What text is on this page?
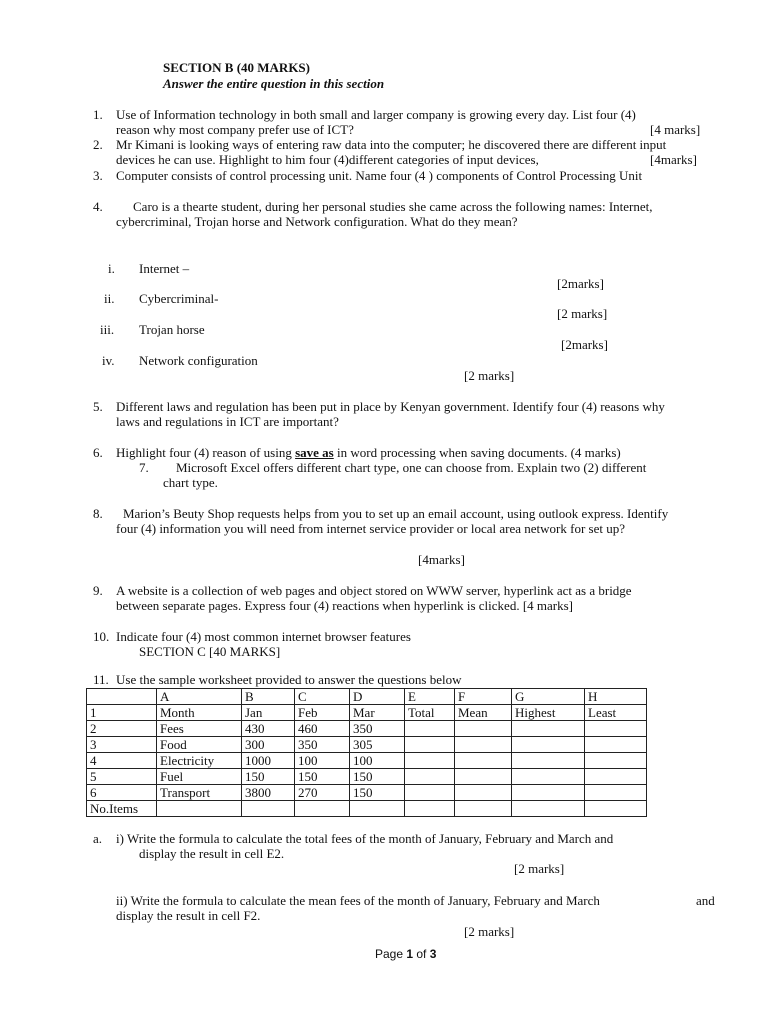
SECTION B (40 MARKS)
Answer the entire question in this section
1. Use of Information technology in both small and larger company is growing every day. List four (4)
reason why most company prefer use of ICT?	[4 marks]
2. Mr Kimani is looking ways of entering raw data into the computer; he discovered there are different input
devices he can use. Highlight to him four (4)different categories of input devices,	[4marks]
3. Computer consists of control processing unit. Name four (4 ) components of Control Processing Unit
4. Caro is a thearte student, during her personal studies she came across the following names: Internet,
cybercriminal, Trojan horse and Network configuration. What do they mean?
i. Internet –
[2marks]
ii. Cybercriminal-
[2 marks]
iii. Trojan horse
[2marks]
iv. Network configuration
[2 marks]
5. Different laws and regulation has been put in place by Kenyan government. Identify four (4) reasons why
laws and regulations in ICT are important?
6. Highlight four (4) reason of using save as in word processing when saving documents. (4 marks)
7. Microsoft Excel offers different chart type, one can choose from. Explain two (2) different
chart type.
8. Marion’s Beuty Shop requests helps from you to set up an email account, using outlook express. Identify
four (4) information you will need from internet service provider or local area network for set up?
[4marks]
9. A website is a collection of web pages and object stored on WWW server, hyperlink act as a bridge
between separate pages. Express four (4) reactions when hyperlink is clicked. [4 marks]
10. Indicate four (4) most common internet browser features
SECTION C [40 MARKS]
11. Use the sample worksheet provided to answer the questions below
	A	B	C	D	E	F	G	H
1	Month	Jan	Feb	Mar	Total	Mean	Highest	Least
2	Fees	430	460	350				
3	Food	300	350	305				
4	Electricity	1000	100	100				
5	Fuel	150	150	150				
6	Transport	3800	270	150				
No.Items								
a. i) Write the formula to calculate the total fees of the month of January, February and March and
display the result in cell E2.
[2 marks]
ii) Write the formula to calculate the mean fees of the month of January, February and March	and
display the result in cell F2.
[2 marks]
Page 1 of 3
